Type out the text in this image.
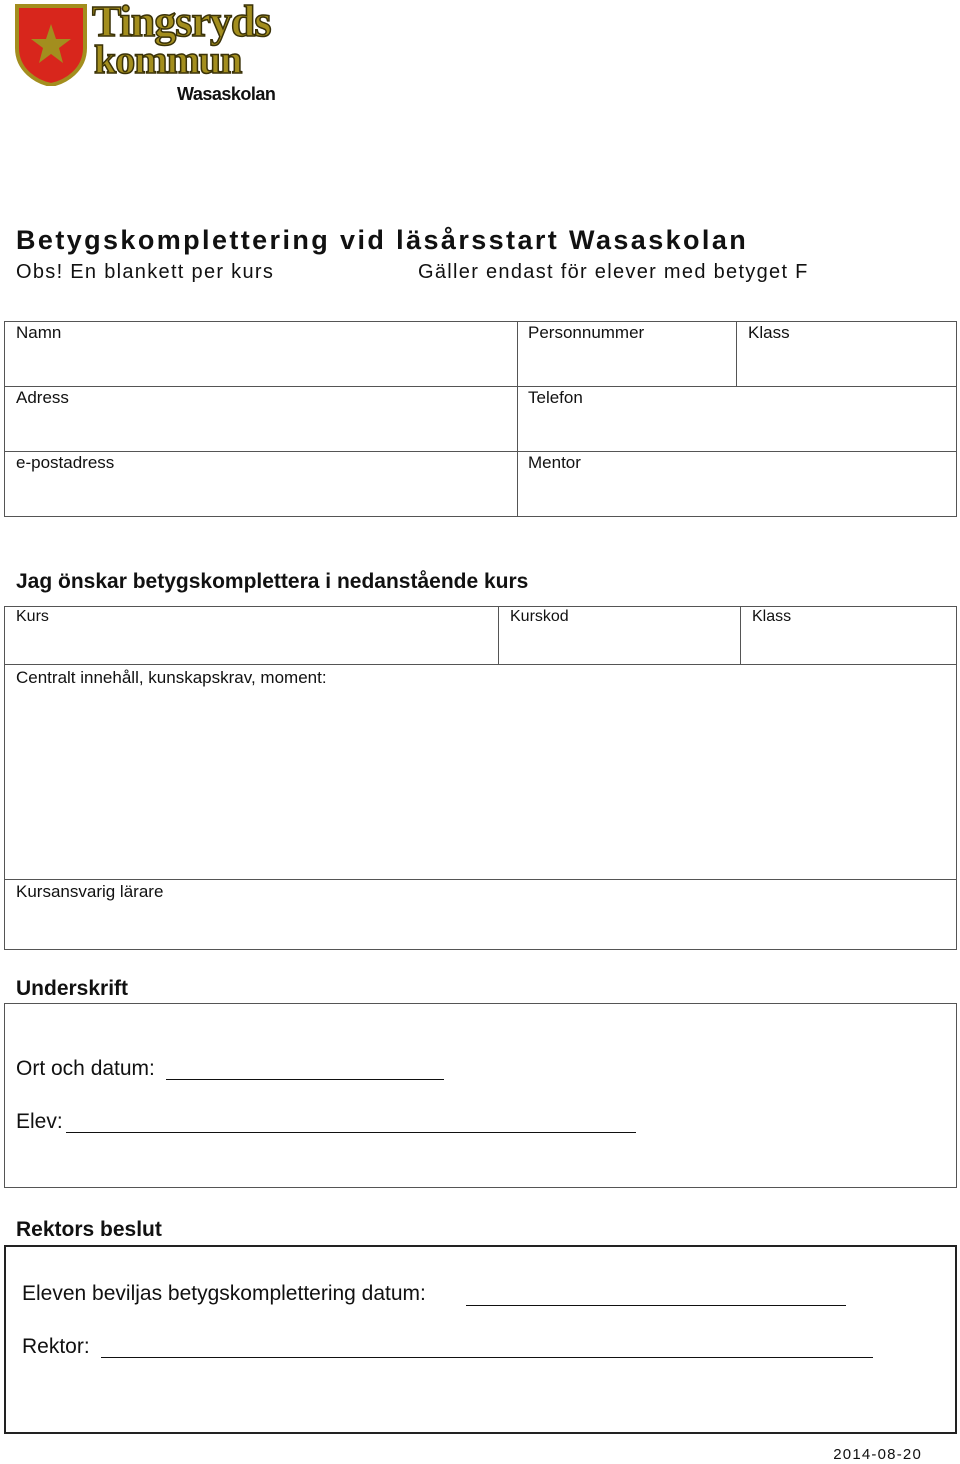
Tingsryds
kommun
Wasaskolan
Betygskomplettering vid läsårsstart Wasaskolan
Obs! En blankett per kurs	Gäller endast för elever med betyget F
Namn	Personnummer	Klass
Adress	Telefon
e-postadress	Mentor
Jag önskar betygskomplettera i nedanstående kurs
Kurs	Kurskod	Klass
Centralt innehåll, kunskapskrav, moment:
Kursansvarig lärare
Underskrift
Ort och datum:
Elev:
Rektors beslut
Eleven beviljas betygskomplettering datum:
Rektor:
2014-08-20
